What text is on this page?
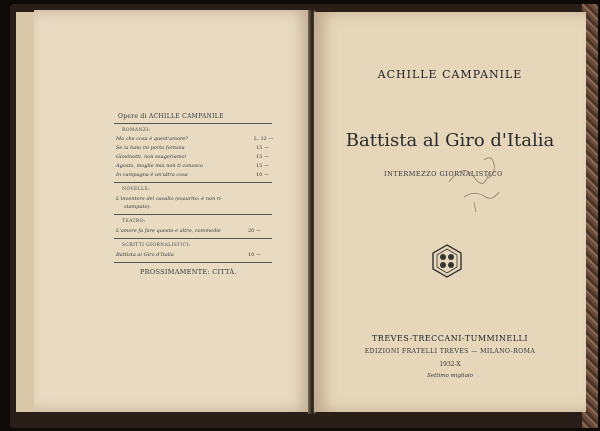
Opere di ACHILLE CAMPANILE
ROMANZI:
Ma che cosa è quest'amore?	L. 12 —
Se la luna mi porta fortuna	15 —
Giovinotti, non esageriamo!	15 —
Agosto, moglie mia non ti conosco	15 —
In campagna è un'altra cosa	10 —
NOVELLE:
L'inventore del cavallo (esaurito: è non ri-
stampato).
TEATRO:
L'amore fa fare questo e altro, commedie	20 —
SCRITTI GIORNALISTICI:
Battista al Giro d'Italia	10 —
PROSSIMAMENTE: CITTÀ.
ACHILLE CAMPANILE
Battista al Giro d'Italia
INTERMEZZO GIORNALISTICO
TREVES-TRECCANI-TUMMINELLI
EDIZIONI FRATELLI TREVES — MILANO-ROMA
1932-X
Settimo migliaio
